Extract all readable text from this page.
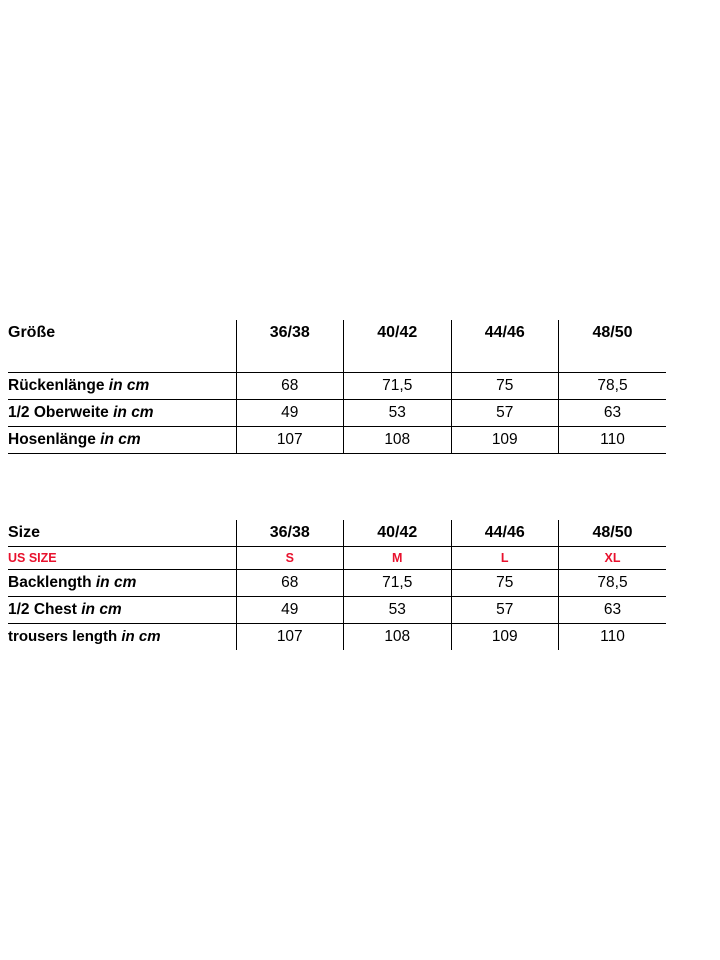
Größe	36/38	40/42	44/46	48/50

Rückenlänge in cm	68	71,5	75	78,5
1/2 Oberweite in cm	49	53	57	63
Hosenlänge in cm	107	108	109	110
Size	36/38	40/42	44/46	48/50
US SIZE	S	M	L	XL
Backlength in cm	68	71,5	75	78,5
1/2 Chest in cm	49	53	57	63
trousers length in cm	107	108	109	110
